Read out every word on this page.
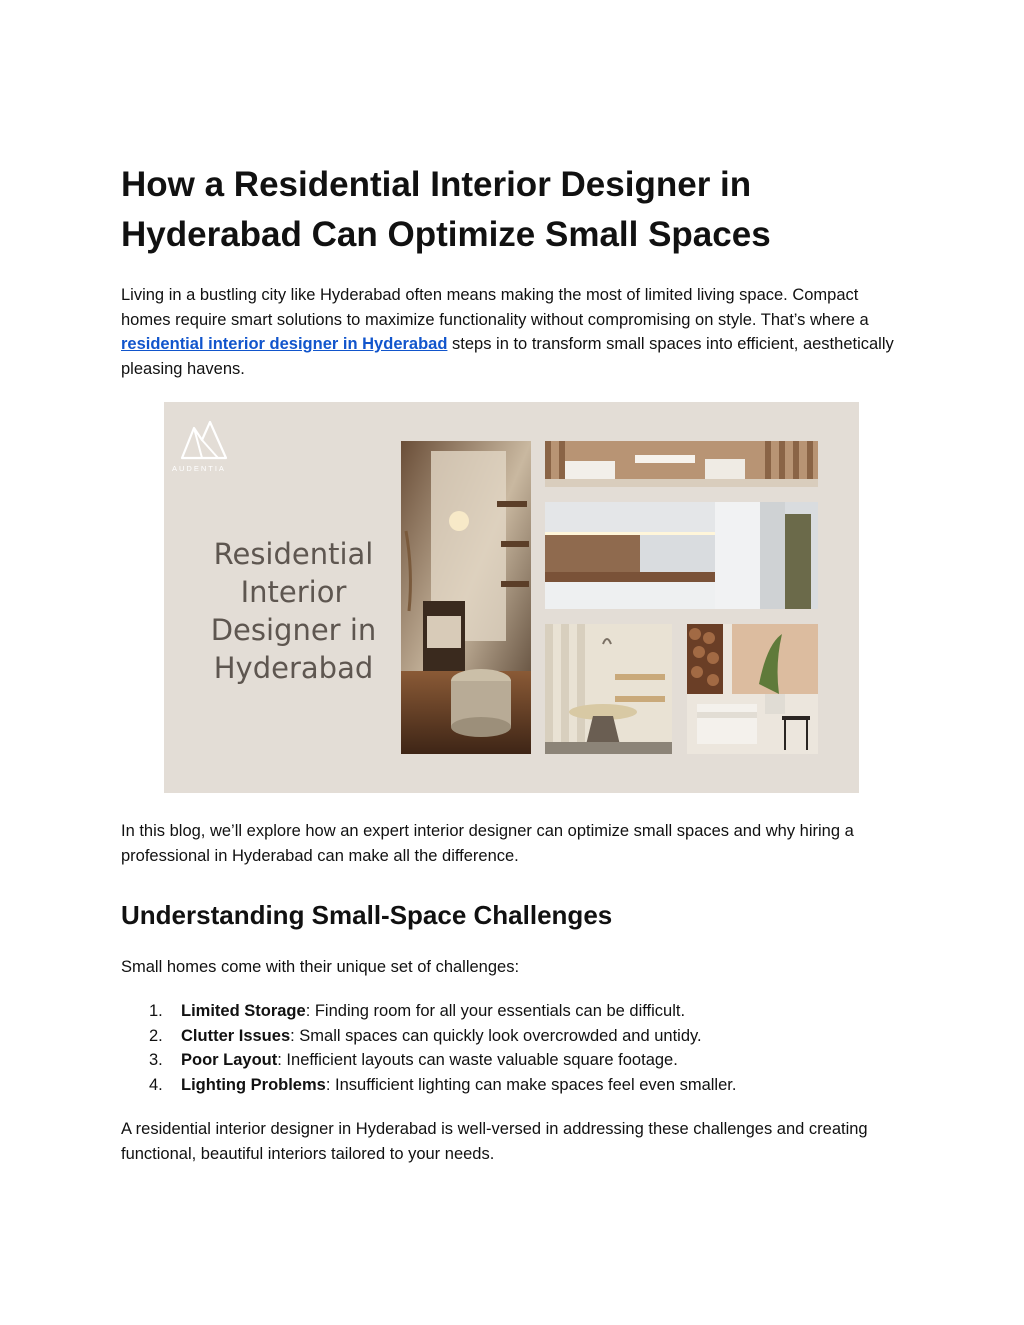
How a Residential Interior Designer in Hyderabad Can Optimize Small Spaces

Living in a bustling city like Hyderabad often means making the most of limited living space. Compact homes require smart solutions to maximize functionality without compromising on style. That’s where a residential interior designer in Hyderabad steps in to transform small spaces into efficient, aesthetically pleasing havens.

AUDENTIA
Residential Interior Designer in Hyderabad

In this blog, we’ll explore how an expert interior designer can optimize small spaces and why hiring a professional in Hyderabad can make all the difference.

Understanding Small-Space Challenges

Small homes come with their unique set of challenges:

1. Limited Storage: Finding room for all your essentials can be difficult.
2. Clutter Issues: Small spaces can quickly look overcrowded and untidy.
3. Poor Layout: Inefficient layouts can waste valuable square footage.
4. Lighting Problems: Insufficient lighting can make spaces feel even smaller.

A residential interior designer in Hyderabad is well-versed in addressing these challenges and creating functional, beautiful interiors tailored to your needs.
